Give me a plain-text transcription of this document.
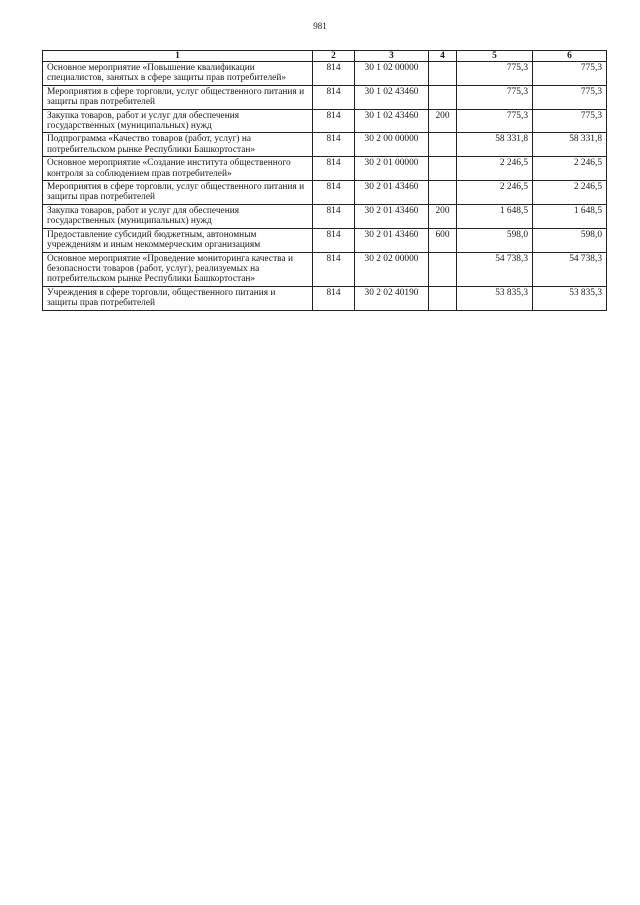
981
1	2	3	4	5	6
Основное мероприятие «Повышение квалификации специалистов, занятых в сфере защиты прав потребителей»	814	30 1 02 00000		775,3	775,3
Мероприятия в сфере торговли, услуг общественного питания и защиты прав потребителей	814	30 1 02 43460		775,3	775,3
Закупка товаров, работ и услуг для обеспечения государственных (муниципальных) нужд	814	30 1 02 43460	200	775,3	775,3
Подпрограмма «Качество товаров (работ, услуг) на потребительском рынке Республики Башкортостан»	814	30 2 00 00000		58 331,8	58 331,8
Основное мероприятие «Создание института общественного контроля за соблюдением прав потребителей»	814	30 2 01 00000		2 246,5	2 246,5
Мероприятия в сфере торговли, услуг общественного питания и защиты прав потребителей	814	30 2 01 43460		2 246,5	2 246,5
Закупка товаров, работ и услуг для обеспечения государственных (муниципальных) нужд	814	30 2 01 43460	200	1 648,5	1 648,5
Предоставление субсидий бюджетным, автономным учреждениям и иным некоммерческим организациям	814	30 2 01 43460	600	598,0	598,0
Основное мероприятие «Проведение мониторинга качества и безопасности товаров (работ, услуг), реализуемых на потребительском рынке Республики Башкортостан»	814	30 2 02 00000		54 738,3	54 738,3
Учреждения в сфере торговли, общественного питания и защиты прав потребителей	814	30 2 02 40190		53 835,3	53 835,3
